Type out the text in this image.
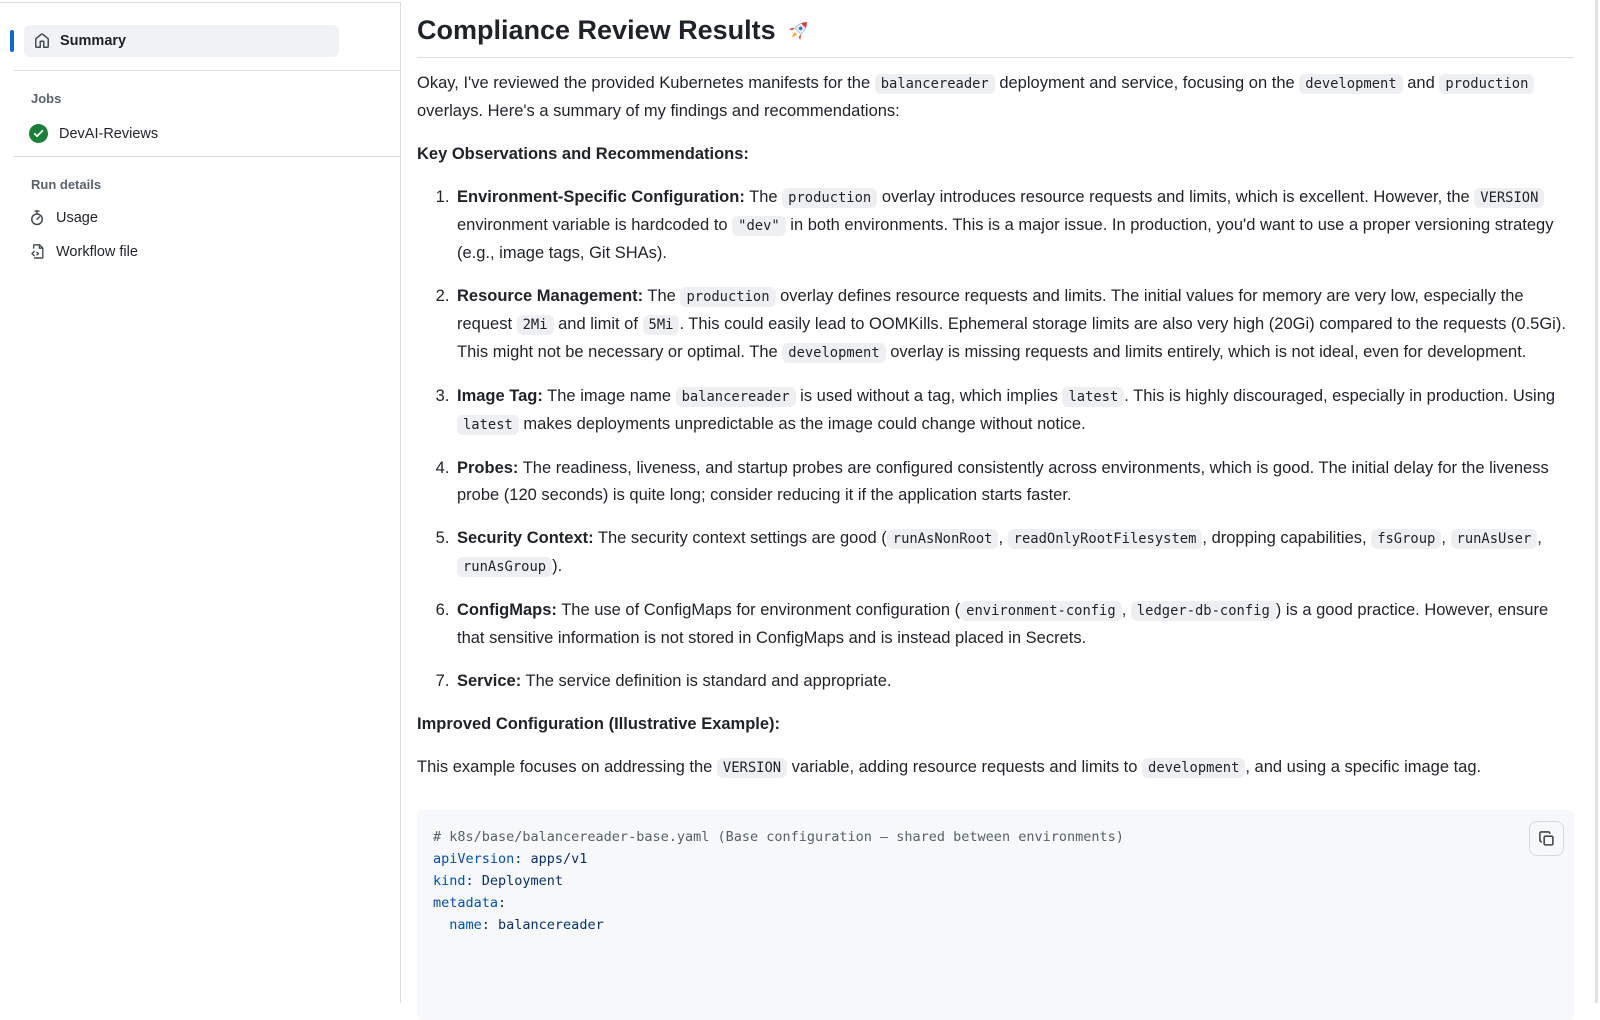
Summary
Jobs
DevAI-Reviews
Run details
Usage
Workflow file
Compliance Review Results

Okay, I've reviewed the provided Kubernetes manifests for the balancereader deployment and service, focusing on the development and production overlays. Here's a summary of my findings and recommendations:

Key Observations and Recommendations:

1. Environment-Specific Configuration: The production overlay introduces resource requests and limits, which is excellent. However, the VERSION environment variable is hardcoded to "dev" in both environments. This is a major issue. In production, you'd want to use a proper versioning strategy (e.g., image tags, Git SHAs).
2. Resource Management: The production overlay defines resource requests and limits. The initial values for memory are very low, especially the request 2Mi and limit of 5Mi . This could easily lead to OOMKills. Ephemeral storage limits are also very high (20Gi) compared to the requests (0.5Gi). This might not be necessary or optimal. The development overlay is missing requests and limits entirely, which is not ideal, even for development.
3. Image Tag: The image name balancereader is used without a tag, which implies latest . This is highly discouraged, especially in production. Using latest makes deployments unpredictable as the image could change without notice.
4. Probes: The readiness, liveness, and startup probes are configured consistently across environments, which is good. The initial delay for the liveness probe (120 seconds) is quite long; consider reducing it if the application starts faster.
5. Security Context: The security context settings are good ( runAsNonRoot , readOnlyRootFilesystem , dropping capabilities, fsGroup , runAsUser , runAsGroup ).
6. ConfigMaps: The use of ConfigMaps for environment configuration ( environment-config , ledger-db-config ) is a good practice. However, ensure that sensitive information is not stored in ConfigMaps and is instead placed in Secrets.
7. Service: The service definition is standard and appropriate.

Improved Configuration (Illustrative Example):

This example focuses on addressing the VERSION variable, adding resource requests and limits to development , and using a specific image tag.

# k8s/base/balancereader-base.yaml (Base configuration — shared between environments)
apiVersion: apps/v1
kind: Deployment
metadata:
name: balancereader
